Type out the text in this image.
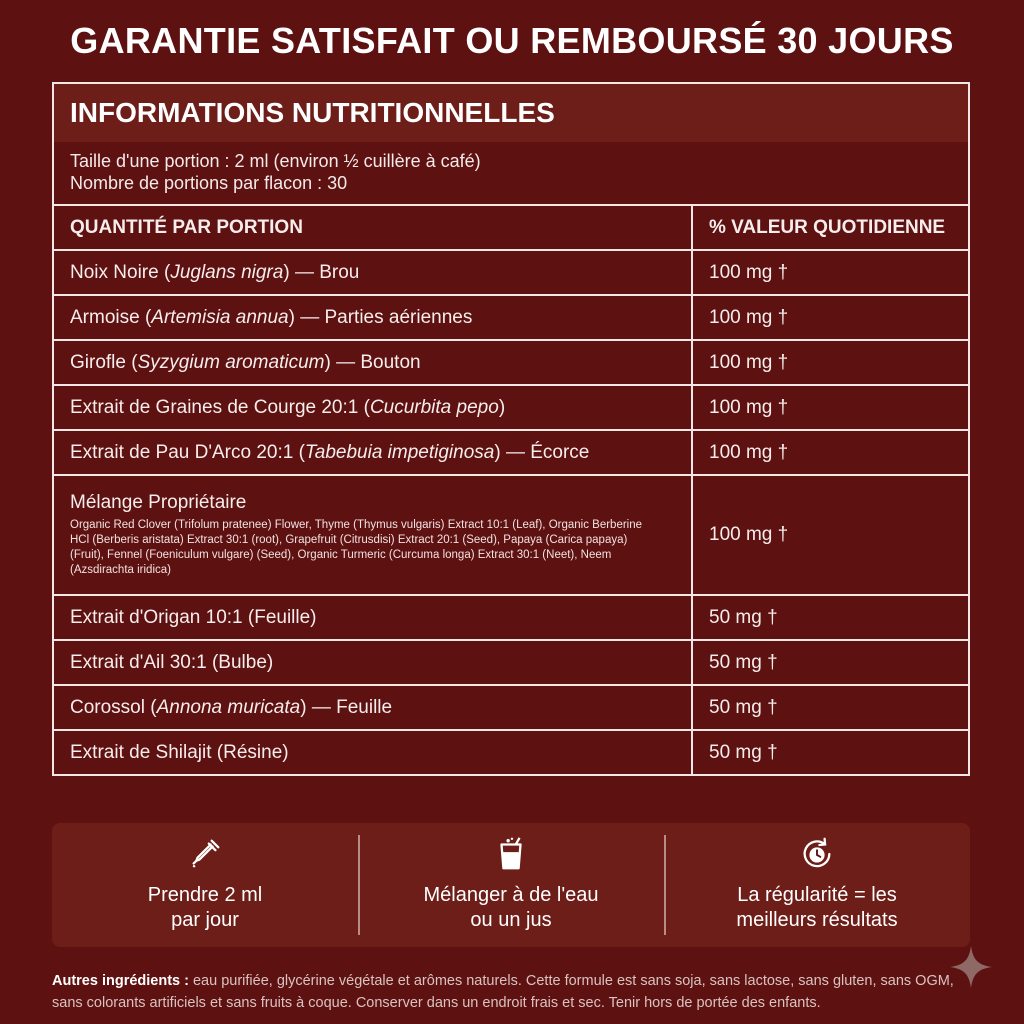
GARANTIE SATISFAIT OU REMBOURSÉ 30 JOURS
INFORMATIONS NUTRITIONNELLES
Taille d'une portion : 2 ml (environ ½ cuillère à café)
Nombre de portions par flacon : 30
QUANTITÉ PAR PORTION	% VALEUR QUOTIDIENNE
Noix Noire (Juglans nigra) — Brou	100 mg †
Armoise (Artemisia annua) — Parties aériennes	100 mg †
Girofle (Syzygium aromaticum) — Bouton	100 mg †
Extrait de Graines de Courge 20:1 (Cucurbita pepo)	100 mg †
Extrait de Pau D'Arco 20:1 (Tabebuia impetiginosa) — Écorce	100 mg †

Mélange Propriétaire
Organic Red Clover (Trifolum pratenee) Flower, Thyme (Thymus vulgaris) Extract 10:1 (Leaf), Organic Berberine HCl (Berberis aristata) Extract 30:1 (root), Grapefruit (Citrusdisi) Extract 20:1 (Seed), Papaya (Carica papaya) (Fruit), Fennel (Foeniculum vulgare) (Seed), Organic Turmeric (Curcuma longa) Extract 30:1 (Neet), Neem (Azsdirachta iridica)	100 mg †
Extrait d'Origan 10:1 (Feuille)	50 mg †
Extrait d'Ail 30:1 (Bulbe)	50 mg †
Corossol (Annona muricata) — Feuille	50 mg †
Extrait de Shilajit (Résine)	50 mg †
Prendre 2 ml
par jour
Mélanger à de l'eau
ou un jus
La régularité = les
meilleurs résultats
Autres ingrédients : eau purifiée, glycérine végétale et arômes naturels. Cette formule est sans soja, sans lactose, sans gluten, sans OGM, sans colorants artificiels et sans fruits à coque. Conserver dans un endroit frais et sec. Tenir hors de portée des enfants.
